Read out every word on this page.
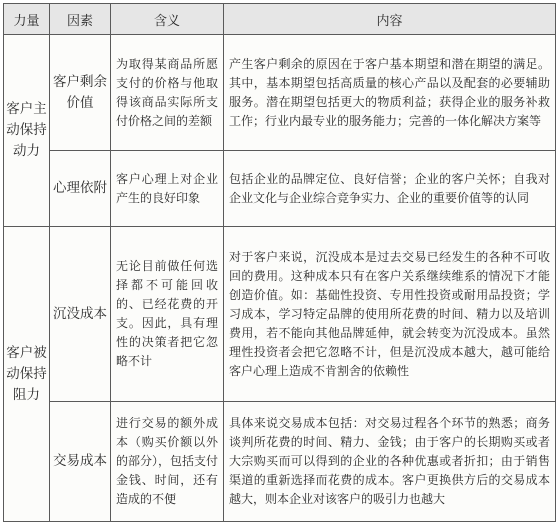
力量	因素	含义	内容
客户主动保持动力	客户剩余价值	为取得某商品所愿支付的价格与他取得该商品实际所支付价格之间的差额	产生客户剩余的原因在于客户基本期望和潜在期望的满足。其中，基本期望包括高质量的核心产品以及配套的必要辅助服务。潜在期望包括更大的物质利益；获得企业的服务补救工作；行业内最专业的服务能力；完善的一体化解决方案等
	心理依附	客户心理上对企业产生的良好印象	包括企业的品牌定位、良好信誉；企业的客户关怀；自我对企业文化与企业综合竞争实力、企业的重要价值等的认同
客户被动保持阻力	沉没成本	无论目前做任何选择都不可能回收的、已经花费的开支。因此，具有理性的决策者把它忽略不计	对于客户来说，沉没成本是过去交易已经发生的各种不可收回的费用。这种成本只有在客户关系继续维系的情况下才能创造价值。如：基础性投资、专用性投资或耐用品投资；学习成本，学习特定品牌的使用所花费的时间、精力以及培训费用，若不能向其他品牌延伸，就会转变为沉没成本。虽然理性投资者会把它忽略不计，但是沉没成本越大，越可能给客户心理上造成不肯割舍的依赖性
	交易成本	进行交易的额外成本（购买价额以外的部分），包括支付金钱、时间，还有造成的不便	具体来说交易成本包括：对交易过程各个环节的熟悉；商务谈判所花费的时间、精力、金钱；由于客户的长期购买或者大宗购买而可以得到的企业的各种优惠或者折扣；由于销售渠道的重新选择而花费的成本。客户更换供方后的交易成本越大，则本企业对该客户的吸引力也越大
